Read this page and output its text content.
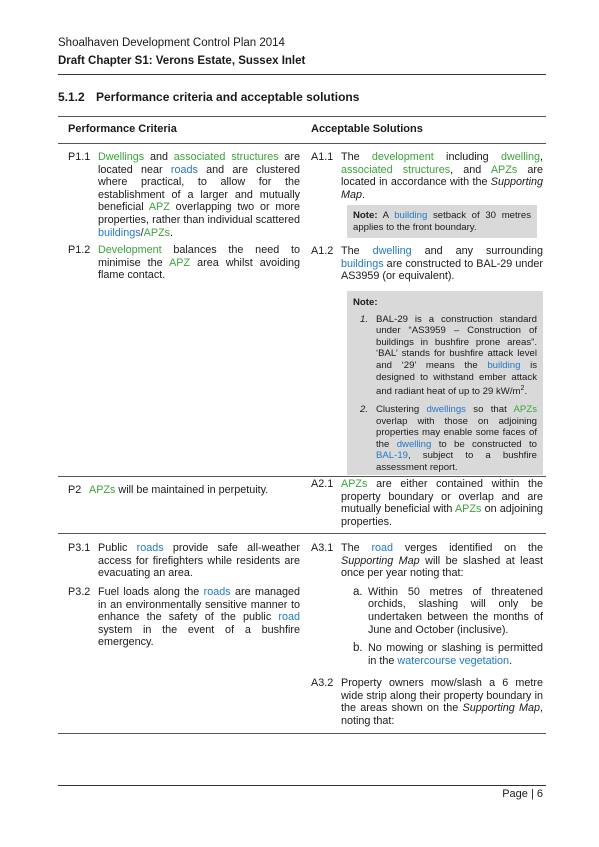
Shoalhaven Development Control Plan 2014
Draft Chapter S1: Verons Estate, Sussex Inlet
5.1.2 Performance criteria and acceptable solutions
Performance Criteria	Acceptable Solutions
P1.1 Dwellings and associated structures are located near roads and are clustered where practical, to allow for the establishment of a larger and mutually beneficial APZ overlapping two or more properties, rather than individual scattered buildings/APZs.
P1.2 Development balances the need to minimise the APZ area whilst avoiding flame contact.
A1.1 The development including dwelling, associated structures, and APZs are located in accordance with the Supporting Map.
Note: A building setback of 30 metres applies to the front boundary.
A1.2 The dwelling and any surrounding buildings are constructed to BAL-29 under AS3959 (or equivalent).
Note:
1. BAL-29 is a construction standard under “AS3959 – Construction of buildings in bushfire prone areas”. ‘BAL’ stands for bushfire attack level and ‘29’ means the building is designed to withstand ember attack and radiant heat of up to 29 $kW/m^2$.
2. Clustering dwellings so that APZs overlap with those on adjoining properties may enable some faces of the dwelling to be constructed to BAL-19, subject to a bushfire assessment report.
P2 APZs will be maintained in perpetuity.	A2.1 APZs are either contained within the property boundary or overlap and are mutually beneficial with APZs on adjoining properties.
P3.1 Public roads provide safe all-weather access for firefighters while residents are evacuating an area.
P3.2 Fuel loads along the roads are managed in an environmentally sensitive manner to enhance the safety of the public road system in the event of a bushfire emergency.
A3.1 The road verges identified on the Supporting Map will be slashed at least once per year noting that:
a. Within 50 metres of threatened orchids, slashing will only be undertaken between the months of June and October (inclusive).
b. No mowing or slashing is permitted in the watercourse vegetation.
A3.2 Property owners mow/slash a 6 metre wide strip along their property boundary in the areas shown on the Supporting Map, noting that:
Page | 6
